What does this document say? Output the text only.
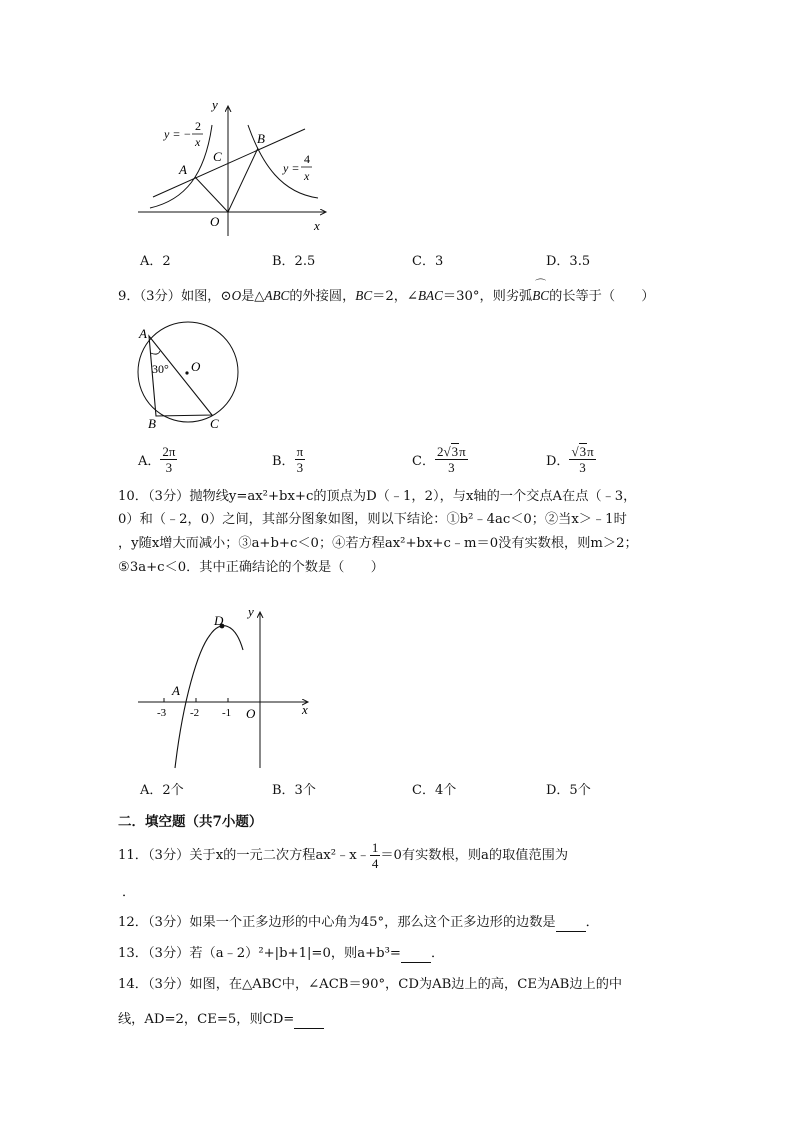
y
x
O
A
B
C
y = −
2
x
y =
4
x
A．2	B．2.5	C．3	D．3.5
9．（3分）如图，⊙O是△ABC的外接圆，BC＝2，∠BAC＝30°，则劣弧
⌒
BC的长等于（　　）
A
B	C
O
30°
A． $\frac{2\pi}{3}$	B． $\frac{\pi}{3}$	C． $\frac{2√3\pi}{3}$	D． $\frac{√3\pi}{3}$
10．（3分）抛物线y=ax²+bx+c的顶点为D（﹣1，2），与x轴的一个交点A在点（﹣3，
0）和（﹣2，0）之间，其部分图象如图，则以下结论：①b²﹣4ac＜0；②当x＞﹣1时
，y随x增大而减小；③a+b+c＜0；④若方程ax²+bx+c﹣m＝0没有实数根，则m＞2；
⑤3a+c＜0．其中正确结论的个数是（　　）
y
x
D
A
O
-3 -2 -1
A．2个	B．3个	C．4个	D．5个
二．填空题（共7小题）
11．（3分）关于x的一元二次方程ax²﹣x﹣ $\frac{1}{4} =0$有实数根，则a的取值范围为
．
12．（3分）如果一个正多边形的中心角为45°，那么这个正多边形的边数是 ．
13．（3分）若（a﹣2）²+|b+1|=0，则a+b³= ．
14．（3分）如图，在△ABC中，∠ACB＝90°，CD为AB边上的高，CE为AB边上的中
线，AD=2，CE=5，则CD=
